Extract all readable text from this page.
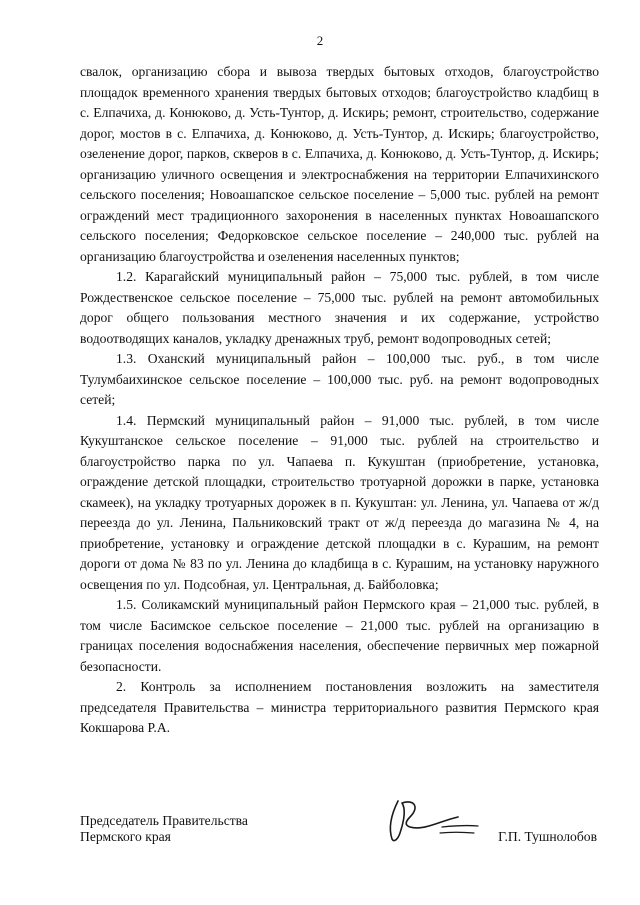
2

свалок, организацию сбора и вывоза твердых бытовых отходов, благоустройство площадок временного хранения твердых бытовых отходов; благоустройство кладбищ в с. Елпачиха, д. Конюково, д. Усть-Тунтор, д. Искирь; ремонт, строительство, содержание дорог, мостов в с. Елпачиха, д. Конюково, д. Усть-Тунтор, д. Искирь; благоустройство, озеленение дорог, парков, скверов в с. Елпачиха, д. Конюково, д. Усть-Тунтор, д. Искирь; организацию уличного освещения и электроснабжения на территории Елпачихинского сельского поселения; Новоашапское сельское поселение – 5,000 тыс. рублей на ремонт ограждений мест традиционного захоронения в населенных пунктах Новоашапского сельского поселения; Федорковское сельское поселение – 240,000 тыс. рублей на организацию благоустройства и озеленения населенных пунктов;

1.2. Карагайский муниципальный район – 75,000 тыс. рублей, в том числе Рождественское сельское поселение – 75,000 тыс. рублей на ремонт автомобильных дорог общего пользования местного значения и их содержание, устройство водоотводящих каналов, укладку дренажных труб, ремонт водопроводных сетей;

1.3. Оханский муниципальный район – 100,000 тыс. руб., в том числе Тулумбаихинское сельское поселение – 100,000 тыс. руб. на ремонт водопроводных сетей;

1.4. Пермский муниципальный район – 91,000 тыс. рублей, в том числе Кукуштанское сельское поселение – 91,000 тыс. рублей на строительство и благоустройство парка по ул. Чапаева п. Кукуштан (приобретение, установка, ограждение детской площадки, строительство тротуарной дорожки в парке, установка скамеек), на укладку тротуарных дорожек в п. Кукуштан: ул. Ленина, ул. Чапаева от ж/д переезда до ул. Ленина, Пальниковский тракт от ж/д переезда до магазина № 4, на приобретение, установку и ограждение детской площадки в с. Курашим, на ремонт дороги от дома № 83 по ул. Ленина до кладбища в с. Курашим, на установку наружного освещения по ул. Подсобная, ул. Центральная, д. Байболовка;

1.5. Соликамский муниципальный район Пермского края – 21,000 тыс. рублей, в том числе Басимское сельское поселение – 21,000 тыс. рублей на организацию в границах поселения водоснабжения населения, обеспечение первичных мер пожарной безопасности.

2. Контроль за исполнением постановления возложить на заместителя председателя Правительства – министра территориального развития Пермского края Кокшарова Р.А.

Председатель Правительства
Пермского края	Г.П. Тушнолобов
